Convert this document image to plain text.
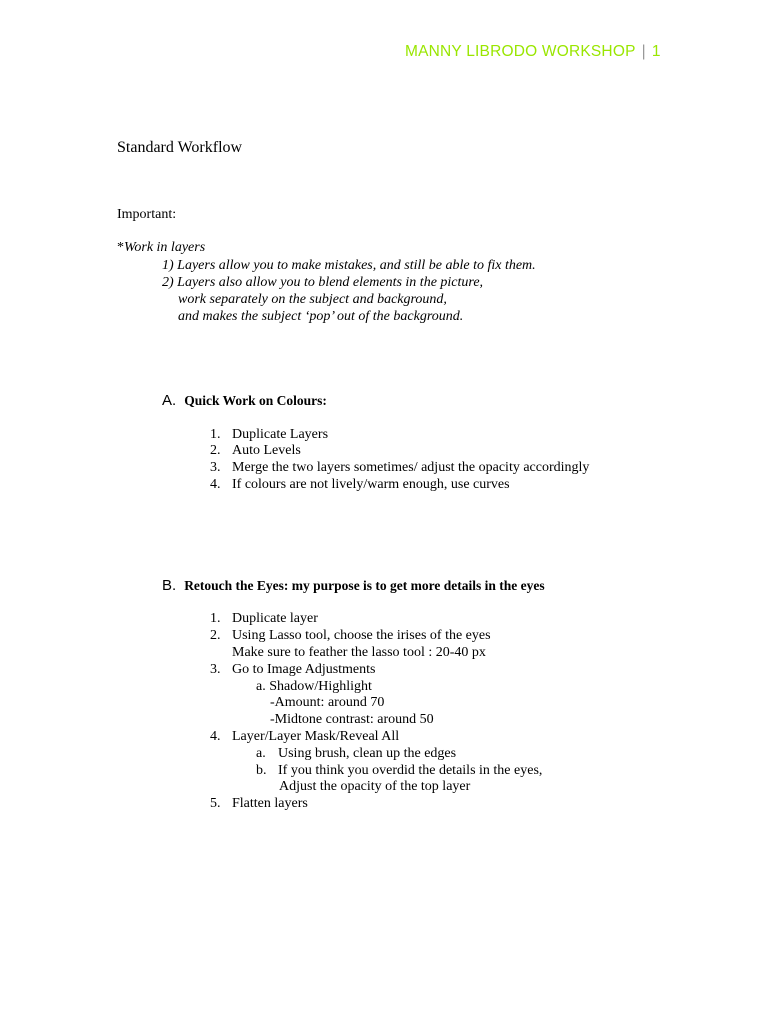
MANNY LIBRODO WORKSHOP | 1
Standard Workflow
Important:
*Work in layers
1) Layers allow you to make mistakes, and still be able to fix them.
2) Layers also allow you to blend elements in the picture,
work separately on the subject and background,
and makes the subject ‘pop’ out of the background.
A. Quick Work on Colours:
1. Duplicate Layers
2. Auto Levels
3. Merge the two layers sometimes/ adjust the opacity accordingly
4. If colours are not lively/warm enough, use curves
B. Retouch the Eyes: my purpose is to get more details in the eyes
1. Duplicate layer
2. Using Lasso tool, choose the irises of the eyes
Make sure to feather the lasso tool : 20-40 px
3. Go to Image Adjustments
a. Shadow/Highlight
-Amount: around 70
-Midtone contrast: around 50
4. Layer/Layer Mask/Reveal All
a. Using brush, clean up the edges
b. If you think you overdid the details in the eyes,
Adjust the opacity of the top layer
5. Flatten layers
